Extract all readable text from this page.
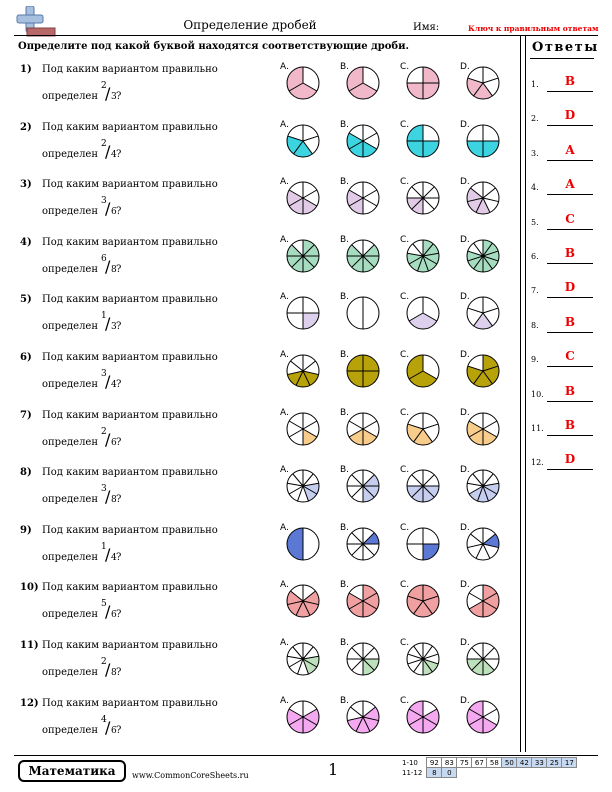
Определение дробей	Имя:	Ключ к правильным ответам
Определите под какой буквой находятся соответствующие дроби.
1) Под каким вариантом правильно
определен
2
/ 3 ?
A.	B.	C.	D.
2) Под каким вариантом правильно
определен
2
/ 4 ?
A.	B.	C.	D.
3) Под каким вариантом правильно
определен
3
/ 6 ?
A.	B.	C.	D.
4) Под каким вариантом правильно
определен
6
/ 8 ?
A.	B.	C.	D.
5) Под каким вариантом правильно
определен
1
/ 3 ?
A.	B.	C.	D.
6) Под каким вариантом правильно
определен
3
/ 4 ?
A.	B.	C.	D.
7) Под каким вариантом правильно
определен
2
/ 6 ?
A.	B.	C.	D.
8) Под каким вариантом правильно
определен
3
/ 8 ?
A.	B.	C.	D.
9) Под каким вариантом правильно
определен
1
/ 4 ?
A.	B.	C.	D.
10) Под каким вариантом правильно
определен
5
/ 6 ?
A.	B.	C.	D.
11) Под каким вариантом правильно
определен
2
/ 8 ?
A.	B.	C.	D.
12) Под каким вариантом правильно
определен
4
/ 6 ?
A.	B.	C.	D.
Ответы
1.	B
2.	D
3.	A
4.	A
5.	C
6.	B
7.	D
8.	B
9.	C
10.	B
11.	B
12.	D
Математика	www.CommonCoreSheets.ru	1	1-10	92	83	75	67	58	50	42	33	25	17
11-12	8	0								
